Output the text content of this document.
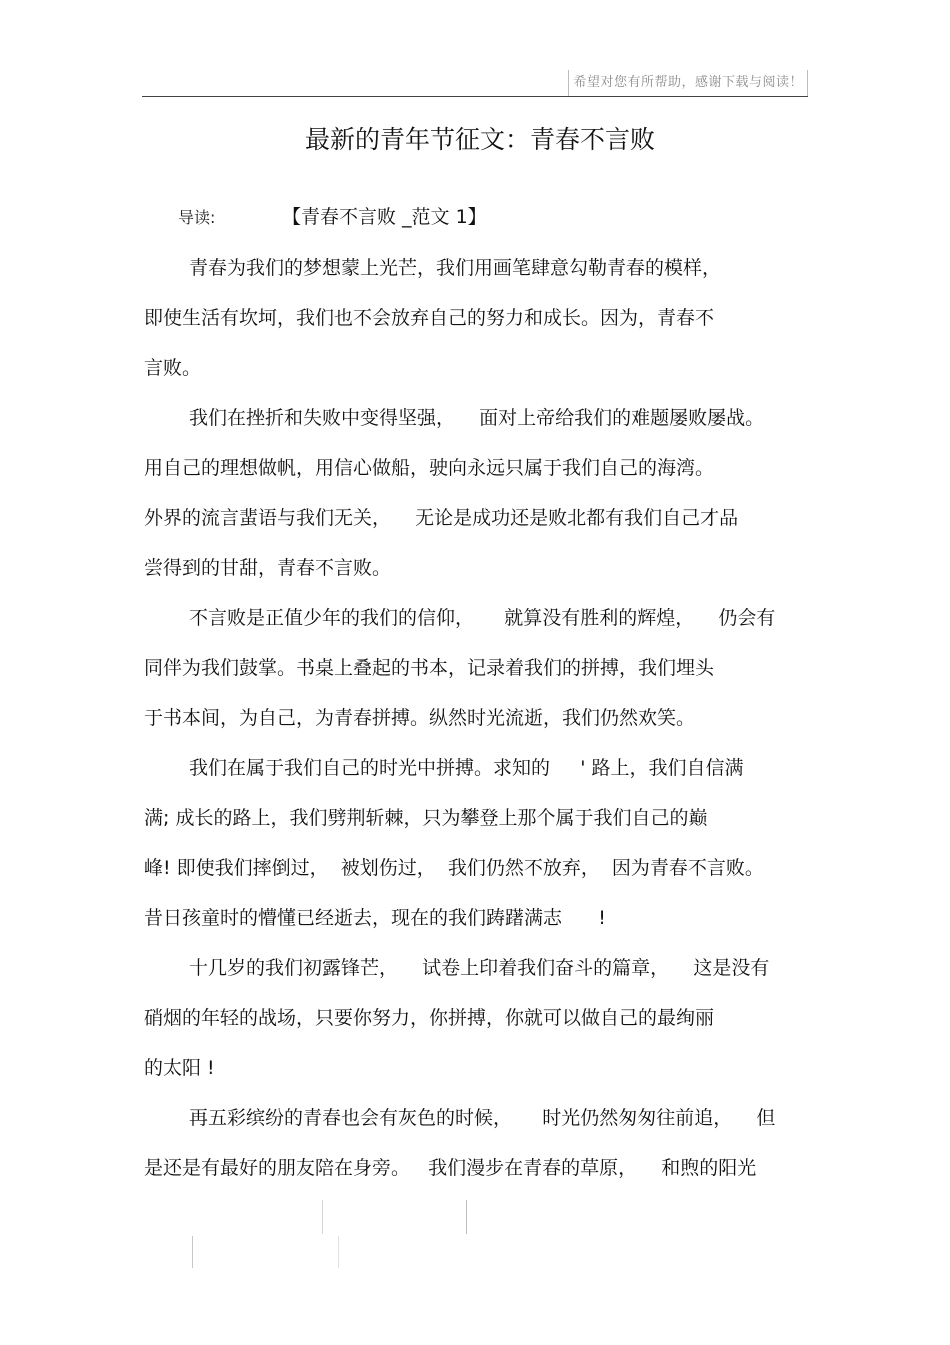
希望对您有所帮助，感谢下载与阅读！
最新的青年节征文：青春不言败
导读:	【青春不言败 _范文 1】
青春为我们的梦想蒙上光芒，我们用画笔肆意勾勒青春的模样，
即使生活有坎坷，我们也不会放弃自己的努力和成长。因为，青春不
言败。
我们在挫折和失败中变得坚强，    面对上帝给我们的难题屡败屡战。
用自己的理想做帆，用信心做船，驶向永远只属于我们自己的海湾。
外界的流言蜚语与我们无关，    无论是成功还是败北都有我们自己才品
尝得到的甘甜，青春不言败。
不言败是正值少年的我们的信仰，     就算没有胜利的辉煌，    仍会有
同伴为我们鼓掌。书桌上叠起的书本，记录着我们的拼搏，我们埋头
于书本间，为自己，为青春拼搏。纵然时光流逝，我们仍然欢笑。
我们在属于我们自己的时光中拼搏。求知的     ' 路上，我们自信满
满; 成长的路上，我们劈荆斩棘，只为攀登上那个属于我们自己的巅
峰! 即使我们摔倒过，  被划伤过，  我们仍然不放弃，  因为青春不言败。
昔日孩童时的懵懂已经逝去，现在的我们踌躇满志      !
十几岁的我们初露锋芒，    试卷上印着我们奋斗的篇章，    这是没有
硝烟的年轻的战场，只要你努力，你拼搏，你就可以做自己的最绚丽
的太阳 !
再五彩缤纷的青春也会有灰色的时候，     时光仍然匆匆往前追，    但
是还是有最好的朋友陪在身旁。   我们漫步在青春的草原，    和煦的阳光
